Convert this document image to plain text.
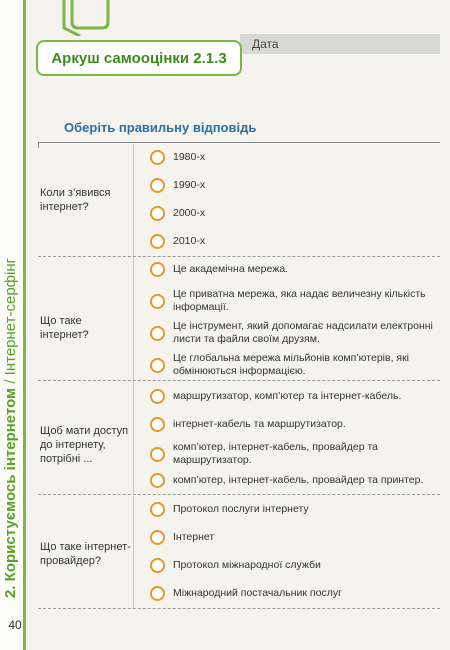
2. Користуємось інтернетом / Інтернет-серфінг
40
Дата
Аркуш самооцінки 2.1.3
Оберіть правильну відповідь
Коли з’явився інтернет?
1980-х
1990-х
2000-х
2010-х
Що таке інтернет?
Це академічна мережа.
Це приватна мережа, яка надає величезну кількість інформації.
Це інструмент, який допомагає надсилати електронні листи та файли своїм друзям.
Це глобальна мережа мільйонів комп’ютерів, які обмінюються інформацією.
Щоб мати доступ до інтернету, потрібні ...
маршрутизатор, комп’ютер та інтернет-кабель.
інтернет-кабель та маршрутизатор.
комп’ютер, інтернет-кабель, провайдер та маршрутизатор.
комп’ютер, інтернет-кабель, провайдер та принтер.
Що таке інтернет-провайдер?
Протокол послуги інтернету
Інтернет
Протокол міжнародної служби
Міжнародний постачальник послуг
